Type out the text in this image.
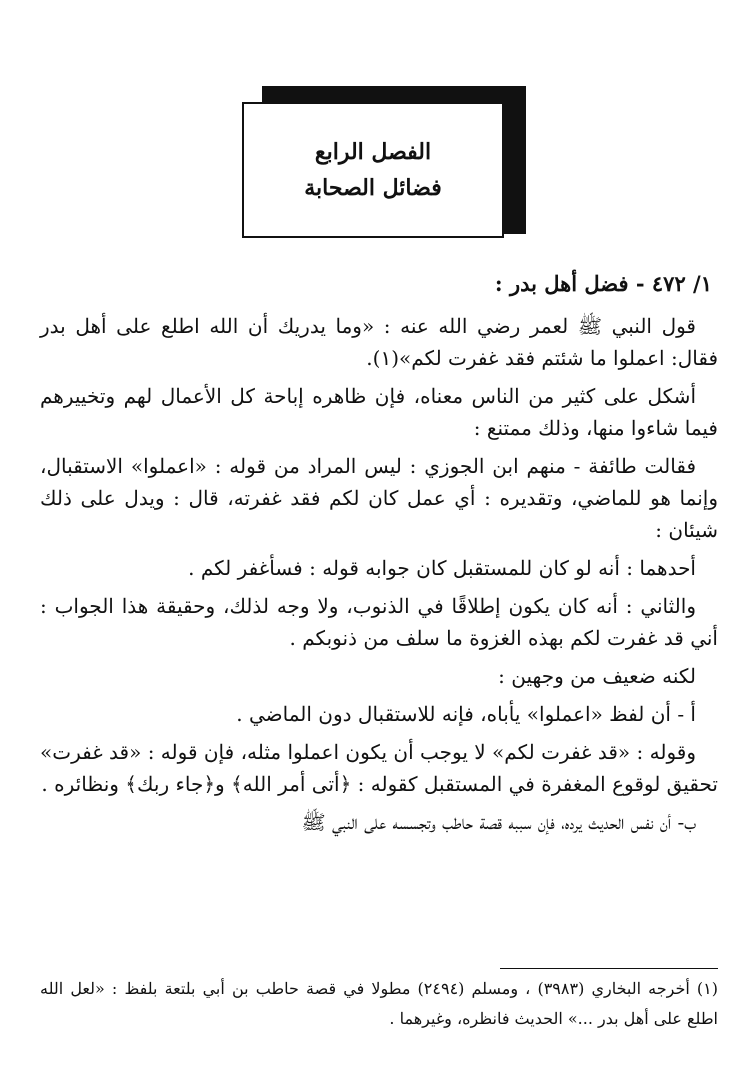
الفصل الرابع
فضائل الصحابة

١/ ٤٧٢ - فضل أهل بدر :

قول النبي ﷺ لعمر رضي الله عنه : «وما يدريك أن الله اطلع على أهل بدر فقال: اعملوا ما شئتم فقد غفرت لكم»(١).

أشكل على كثير من الناس معناه، فإن ظاهره إباحة كل الأعمال لهم وتخييرهم فيما شاءوا منها، وذلك ممتنع :

فقالت طائفة - منهم ابن الجوزي : ليس المراد من قوله : «اعملوا» الاستقبال، وإنما هو للماضي، وتقديره : أي عمل كان لكم فقد غفرته، قال : ويدل على ذلك شيئان :

أحدهما : أنه لو كان للمستقبل كان جوابه قوله : فسأغفر لكم .

والثاني : أنه كان يكون إطلاقًا في الذنوب، ولا وجه لذلك، وحقيقة هذا الجواب : أني قد غفرت لكم بهذه الغزوة ما سلف من ذنوبكم .

لكنه ضعيف من وجهين :

أ - أن لفظ «اعملوا» يأباه، فإنه للاستقبال دون الماضي .

وقوله : «قد غفرت لكم» لا يوجب أن يكون اعملوا مثله، فإن قوله : «قد غفرت» تحقيق لوقوع المغفرة في المستقبل كقوله : ﴿أتى أمر الله﴾ و﴿جاء ربك﴾ ونظائره .

ب- أن نفس الحديث يرده، فإن سببه قصة حاطب وتجسسه على النبي ﷺ

(١) أخرجه البخاري (٣٩٨٣) ، ومسلم (٢٤٩٤) مطولا في قصة حاطب بن أبي بلتعة بلفظ : «لعل الله اطلع على أهل بدر ...» الحديث فانظره، وغيرهما .
